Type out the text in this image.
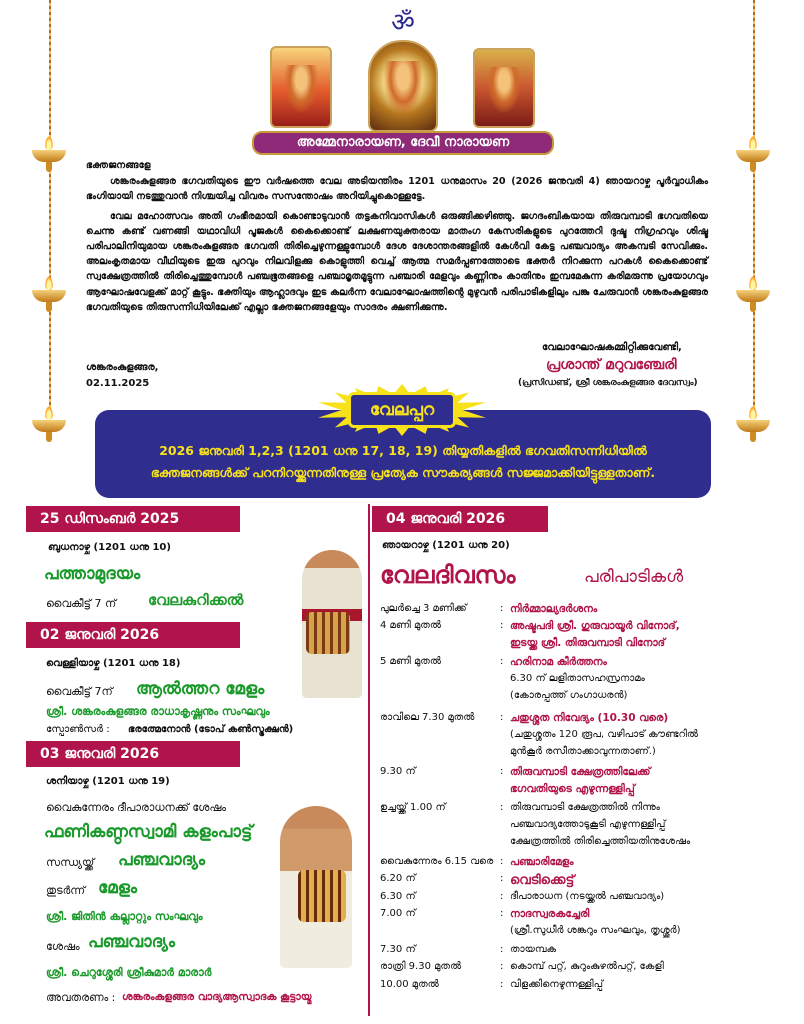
ॐ
അമ്മേനാരായണ, ദേവീ നാരായണ

ഭക്തജനങ്ങളേ

ശങ്കരംകുളങ്ങര ഭഗവതിയുടെ ഈ വർഷത്തെ വേല അടിയന്തിരം 1201 ധനുമാസം 20 (2026 ജനുവരി 4) ഞായറാഴ്ച പൂർവ്വാധികം ഭംഗിയായി നടത്തുവാൻ നിശ്ചയിച്ച വിവരം സസന്തോഷം അറിയിച്ചുകൊള്ളട്ടേ.

വേല മഹോത്സവം അതി ഗംഭീരമായി കൊണ്ടാടുവാൻ തട്ടകനിവാസികൾ ഒരുങ്ങിക്കഴിഞ്ഞു. ജഗദംബികയായ തിരുവമ്പാടി ഭഗവതിയെ ചെന്നു കണ്ട് വണങ്ങി യഥാവിധി പൂജകൾ കൈക്കൊണ്ട് ലക്ഷണയുക്തരായ മാതംഗ കേസരികളുടെ പുറത്തേറി ദുഷ്ട നിഗ്രഹവും ശിഷ്ട പരിപാലിനിയുമായ ശങ്കരംകുളങ്ങര ഭഗവതി തിരിച്ചെഴുന്നള്ളുമ്പോൾ ദേശ ദേശാന്തരങ്ങളിൽ കേൾവി കേട്ട പഞ്ചവാദ്യം അകമ്പടി സേവിക്കും. അലംകൃതമായ വീഥിയുടെ ഇരു പുറവും നിലവിളക്കു കൊളുത്തി വെച്ച് ആത്മ സമർപ്പണത്തോടെ ഭക്തർ നിറക്കുന്ന പറകൾ കൈക്കൊണ്ട് സ്വക്ഷേത്രത്തിൽ തിരിച്ചെത്തുമ്പോൾ പഞ്ചഭൂതങ്ങളെ പഞ്ചാമൃതമൂട്ടുന്ന പഞ്ചാരി മേളവും കണ്ണിനും കാതിനും ഇമ്പമേകുന്ന കരിമരുന്നു പ്രയോഗവും ആഘോഷവേളക്ക് മാറ്റ് കൂട്ടും. ഭക്തിയും ആഹ്ലാദവും ഇട കലർന്ന വേലാഘോഷത്തിന്റെ മുഴുവൻ പരിപാടികളിലും പങ്കു ചേരുവാൻ ശങ്കരംകുളങ്ങര ഭഗവതിയുടെ തിരുസന്നിധിയിലേക്ക് എല്ലാ ഭക്തജനങ്ങളേയും സാദരം ക്ഷണിക്കുന്നു.

വേലാഘോഷകമ്മിറ്റിക്കുവേണ്ടി,
പ്രശാന്ത് മറുവഞ്ചേരി
(പ്രസിഡണ്ട്, ശ്രീ ശങ്കരംകുളങ്ങര ദേവസ്വം)
ശങ്കരംകുളങ്ങര,
02.11.2025
2026 ജനുവരി 1,2,3 (1201 ധനു 17, 18, 19) തിയ്യതികളിൽ ഭഗവതിസന്നിധിയിൽ
ഭക്തജനങ്ങൾക്ക് പറനിറയ്ക്കുന്നതിനുള്ള പ്രത്യേക സൗകര്യങ്ങൾ സജ്ജമാക്കിയിട്ടുള്ളതാണ്.
വേലപ്പറ
25 ഡിസംബർ 2025
ബുധനാഴ്ച (1201 ധനു 10)
പത്താമുദയം
വൈകീട്ട് 7 ന് വേലകുറിക്കൽ
02 ജനുവരി 2026
വെള്ളിയാഴ്ച (1201 ധനു 18)
വൈകീട്ട് 7ന് ആൽത്തറ മേളം
ശ്രീ. ശങ്കരംകുളങ്ങര രാധാകൃഷ്ണനും സംഘവും
സ്പോൺസർ : ഭരത്മേനോൻ (ടോപ് കൺസ്ട്രക്ഷൻ)
03 ജനുവരി 2026
ശനിയാഴ്ച (1201 ധനു 19)
വൈകുന്നേരം ദീപാരാധനക്ക് ശേഷം
ഫണികണ്ഠസ്വാമി കളംപാട്ട്
സന്ധ്യയ്ക്ക് പഞ്ചവാദ്യം
തുടർന്ന് മേളം
ശ്രീ. ജിതിൻ കല്ലാറ്റും സംഘവും
ശേഷം പഞ്ചവാദ്യം
ശ്രീ. ചെറുശ്ശേരി ശ്രീകുമാർ മാരാർ
അവതരണം : ശങ്കരംകുളങ്ങര വാദ്യആസ്വാദക കൂട്ടായ്മ
04 ജനുവരി 2026
ഞായറാഴ്ച (1201 ധനു 20)
വേലദിവസം	പരിപാടികൾ
പുലർച്ചെ 3 മണിക്ക്	: നിർമ്മാല്യദർശനം
4 മണി മുതൽ	: അഷ്ടപദി ശ്രീ. ഗുരുവായൂർ വിനോദ്,
ഇടയ്ക്ക ശ്രീ. തിരുവമ്പാടി വിനോദ്
5 മണി മുതൽ	: ഹരിനാമ കീർത്തനം
6.30 ന് ലളിതാസഹസ്രനാമം
(കോരപ്പത്ത് ഗംഗാധരൻ)
രാവിലെ 7.30 മുതൽ	: ചതുശ്ശത നിവേദ്യം (10.30 വരെ)
(ചതുശ്ശതം 120 രൂപ, വഴിപാട് കൗണ്ടറിൽ
മുൻകൂർ രസീതാക്കാവുന്നതാണ്.)
9.30 ന്	: തിരുവമ്പാടി ക്ഷേത്രത്തിലേക്ക്
ഭഗവതിയുടെ എഴുന്നള്ളിപ്പ്
ഉച്ചയ്ക്ക് 1.00 ന്	: തിരുവമ്പാടി ക്ഷേത്രത്തിൽ നിന്നും
പഞ്ചവാദ്യത്തോടുകൂടി എഴുന്നള്ളിപ്പ്
ക്ഷേത്രത്തിൽ തിരിച്ചെത്തിയതിനുശേഷം
വൈകുന്നേരം 6.15 വരെ : പഞ്ചാരിമേളം
6.20 ന്	: വെടിക്കെട്ട്
6.30 ന്	: ദീപാരാധന (നടയ്ക്കൽ പഞ്ചവാദ്യം)
7.00 ന്	: നാദസ്വരകച്ചേരി
(ശ്രീ.സുധീർ ശങ്കറും സംഘവും, തൃശ്ശൂർ)
7.30 ന്	: തായമ്പക
രാത്രി 9.30 മുതൽ	: കൊമ്പ് പറ്റ്, കുറുംകുഴൽപറ്റ്, കേളി
10.00 മുതൽ	: വിളക്കിനെഴുന്നള്ളിപ്പ്
